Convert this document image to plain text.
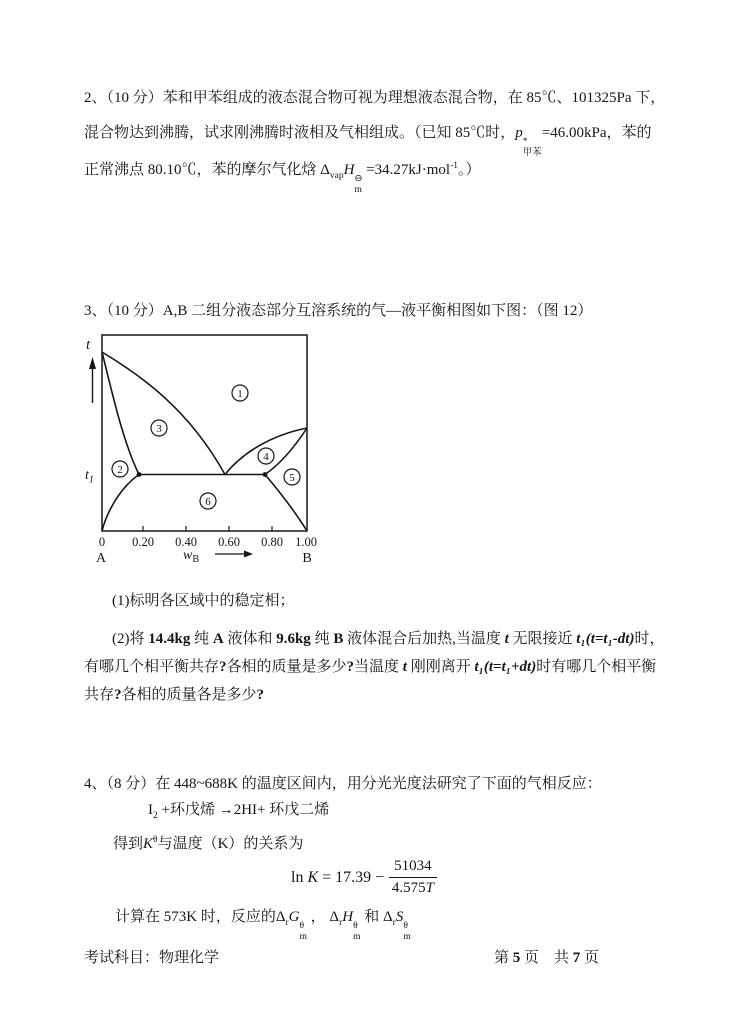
2、（10 分）苯和甲苯组成的液态混合物可视为理想液态混合物，在 85℃、101325Pa 下，
混合物达到沸腾，试求刚沸腾时液相及气相组成。（已知 85℃时，p
*
甲苯
=46.00kPa，苯的
正常沸点 80.10℃，苯的摩尔气化焓 $\Delta_{vap}H$
⊖
m
=34.27kJ·mol$^{-1}$。）
3、（10 分）A,B 二组分液态部分互溶系统的气—液平衡相图如下图：（图 12）
t
$t_1$
0 0.20 0.40 0.60 0.80 1.00
A	B
$w_B$
1
2
3
4
5
6
(1)标明各区域中的稳定相；
(2)将 14.4kg 纯 A 液体和 9.6kg 纯 B 液体混合后加热,当温度 t 无限接近 t₁(t=t₁-dt)时，
有哪几个相平衡共存?各相的质量是多少?当温度 t 刚刚离开 t₁(t=t₁+dt)时有哪几个相平衡
共存?各相的质量各是多少?
4、（8 分）在 448~688K 的温度区间内，用分光光度法研究了下面的气相反应：
$I_2$ +环戊烯 →2HI+ 环戊二烯
得到$K^\theta$与温度（K）的关系为
$\ln K = 17.39 - \frac{51034}{4.575T}$
计算在 573K 时，反应的$\Delta_rG$
θ
m
， $\Delta_rH$
θ
m
和 $\Delta_rS$
θ
m
考试科目：物理化学	第 5 页　共 7 页
